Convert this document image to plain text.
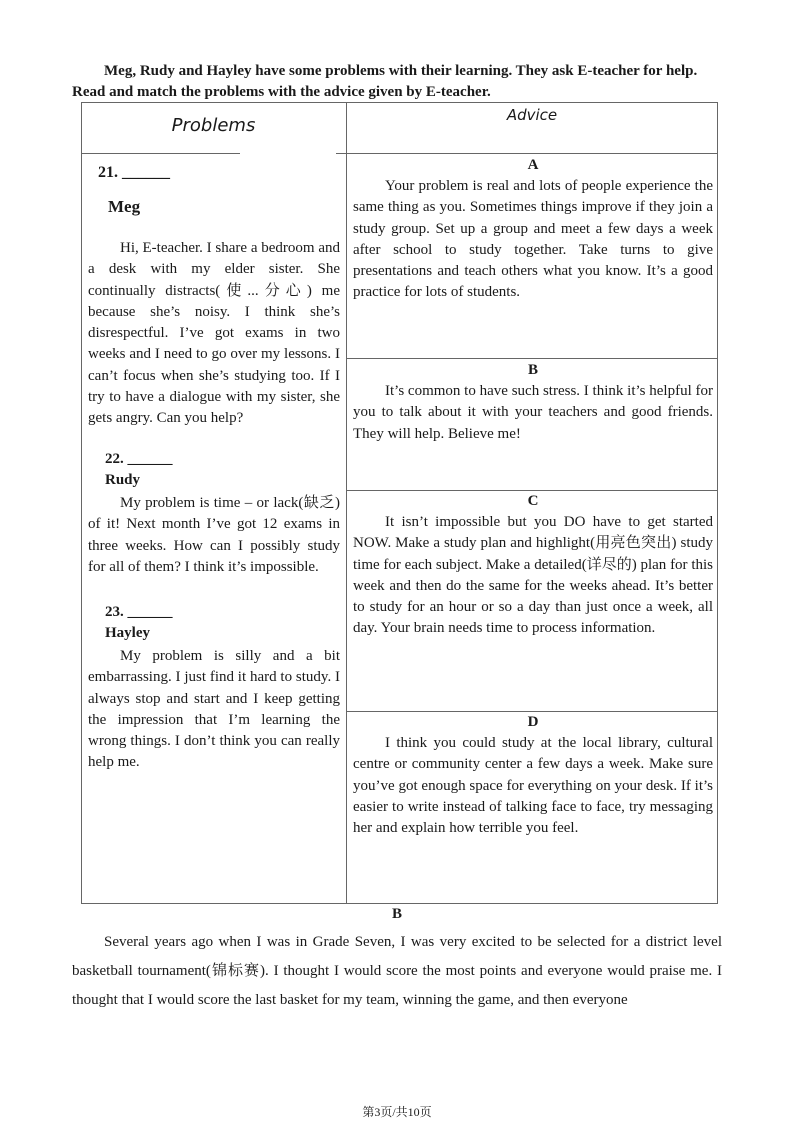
Meg, Rudy and Hayley have some problems with their learning. They ask E-teacher for help.
Read and match the problems with the advice given by E-teacher.
Problems	Advice
21. ______
Meg
Hi, E-teacher. I share a bedroom and a desk with my elder sister. She continually distracts(使...分心) me because she’s noisy. I think she’s disrespectful. I’ve got exams in two weeks and I need to go over my lessons. I can’t focus when she’s studying too. If I try to have a dialogue with my sister, she gets angry. Can you help?
22. ______
Rudy
My problem is time – or lack(缺乏) of it! Next month I’ve got 12 exams in three weeks. How can I possibly study for all of them? I think it’s impossible.
23. ______
Hayley
My problem is silly and a bit embarrassing. I just find it hard to study. I always stop and start and I keep getting the impression that I’m learning the wrong things. I don’t think you can really help me.
A
Your problem is real and lots of people experience the same thing as you. Sometimes things improve if they join a study group. Set up a group and meet a few days a week after school to study together. Take turns to give presentations and teach others what you know. It’s a good practice for lots of students.
B
It’s common to have such stress. I think it’s helpful for you to talk about it with your teachers and good friends. They will help. Believe me!
C
It isn’t impossible but you DO have to get started NOW. Make a study plan and highlight(用亮色突出) study time for each subject. Make a detailed(详尽的) plan for this week and then do the same for the weeks ahead. It’s better to study for an hour or so a day than just once a week, all day. Your brain needs time to process information.
D
I think you could study at the local library, cultural centre or community center a few days a week. Make sure you’ve got enough space for everything on your desk. If it’s easier to write instead of talking face to face, try messaging her and explain how terrible you feel.
B
Several years ago when I was in Grade Seven, I was very excited to be selected for a district level basketball tournament(锦标赛). I thought I would score the most points and everyone would praise me. I thought that I would score the last basket for my team, winning the game, and then everyone
第3页/共10页
